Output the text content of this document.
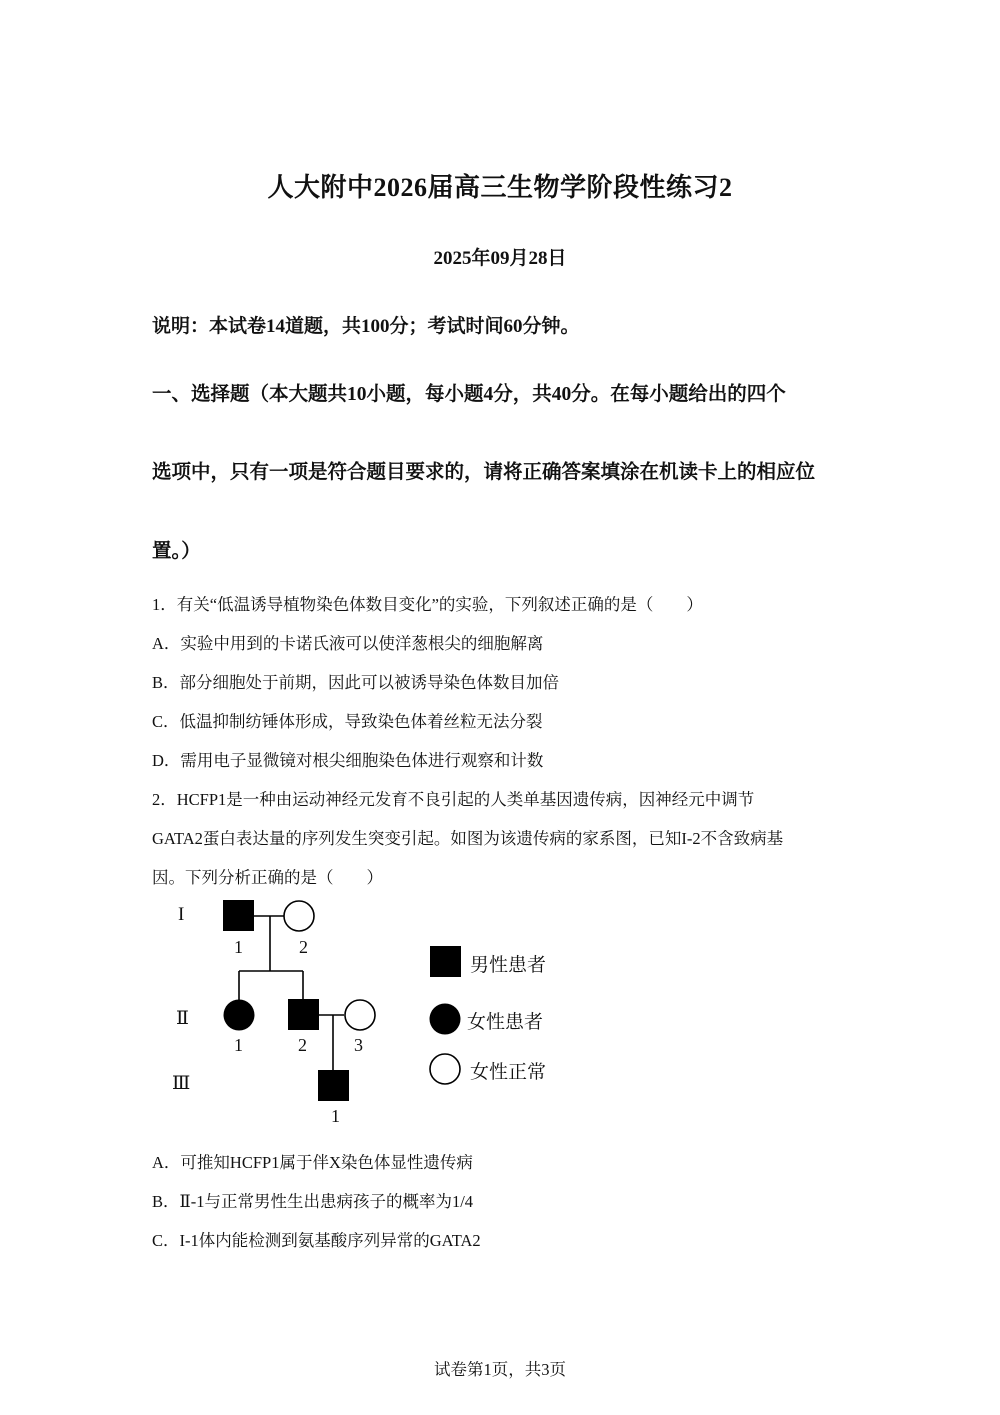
人大附中2026届高三生物学阶段性练习2
2025年09月28日
说明：本试卷14道题，共100分；考试时间60分钟。
一、选择题（本大题共10小题，每小题4分，共40分。在每小题给出的四个
选项中，只有一项是符合题目要求的，请将正确答案填涂在机读卡上的相应位
置。）
1．有关“低温诱导植物染色体数目变化”的实验，下列叙述正确的是（　　）
A．实验中用到的卡诺氏液可以使洋葱根尖的细胞解离
B．部分细胞处于前期，因此可以被诱导染色体数目加倍
C．低温抑制纺锤体形成，导致染色体着丝粒无法分裂
D．需用电子显微镜对根尖细胞染色体进行观察和计数
2．HCFP1是一种由运动神经元发育不良引起的人类单基因遗传病，因神经元中调节
GATA2蛋白表达量的序列发生突变引起。如图为该遗传病的家系图，已知I-2不含致病基
因。下列分析正确的是（　　）
I
Ⅱ
Ⅲ
1	2
1	2	3
1
男性患者
女性患者
女性正常
A．可推知HCFP1属于伴X染色体显性遗传病
B．Ⅱ-1与正常男性生出患病孩子的概率为1/4
C．I-1体内能检测到氨基酸序列异常的GATA2
试卷第1页，共3页
